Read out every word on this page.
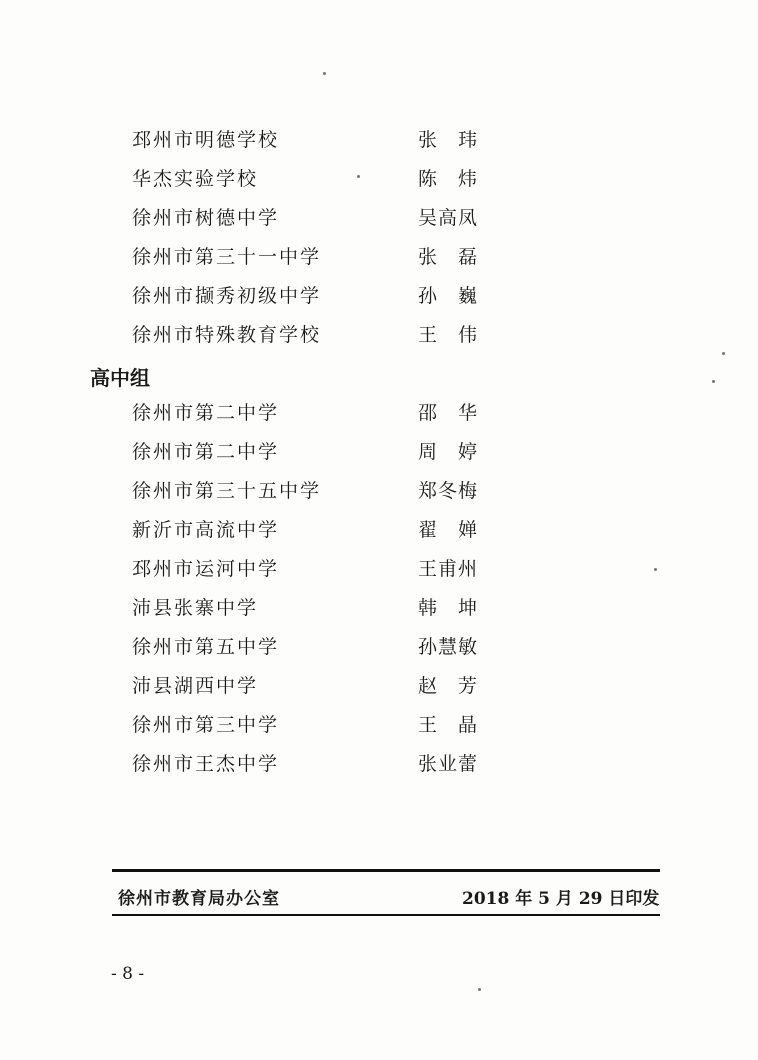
邳州市明德学校	张玮
华杰实验学校	陈炜
徐州市树德中学	吴高凤
徐州市第三十一中学	张磊
徐州市撷秀初级中学	孙巍
徐州市特殊教育学校	王伟
高中组
徐州市第二中学	邵华
徐州市第二中学	周婷
徐州市第三十五中学	郑冬梅
新沂市高流中学	翟婵
邳州市运河中学	王甫州
沛县张寨中学	韩坤
徐州市第五中学	孙慧敏
沛县湖西中学	赵芳
徐州市第三中学	王晶
徐州市王杰中学	张业蕾
徐州市教育局办公室	2018 年 5 月 29 日印发
- 8 -
